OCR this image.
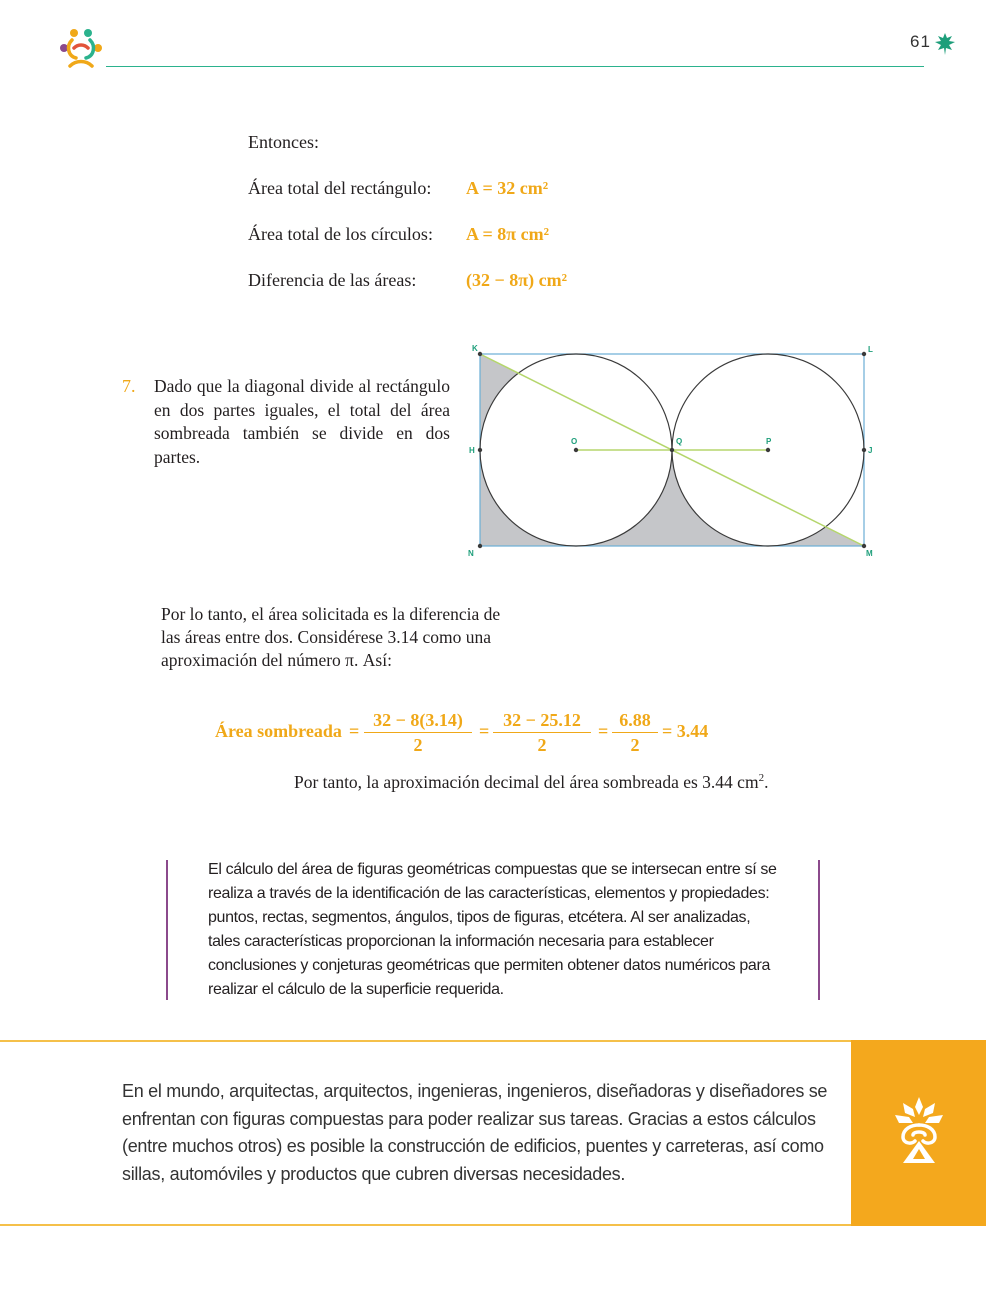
61
Entonces:
Área total del rectángulo: A = 32 cm²
Área total de los círculos: A = 8π cm²
Diferencia de las áreas:	(32 − 8π) cm²
7. Dado que la diagonal divide al rectángulo en dos partes iguales, el total del área sombreada también se divide en dos partes.
K	L
M
N
H	J
O	P
Q
Por lo tanto, el área solicitada es la diferencia de las áreas entre dos. Considérese 3.14 como una aproximación del número π. Así:
Área sombreada = $\frac{32 - 8(3.14)}{2} = \frac{32 - 25.12}{2} = \frac{6.88}{2} = 3.44$
Por tanto, la aproximación decimal del área sombreada es 3.44 $cm^2$.
El cálculo del área de figuras geométricas compuestas que se intersecan entre sí se realiza a través de la identificación de las características, elementos y propiedades: puntos, rectas, segmentos, ángulos, tipos de figuras, etcétera. Al ser analizadas, tales características proporcionan la información necesaria para establecer conclusiones y conjeturas geométricas que permiten obtener datos numéricos para realizar el cálculo de la superficie requerida.
En el mundo, arquitectas, arquitectos, ingenieras, ingenieros, diseñadoras y diseñadores se enfrentan con figuras compuestas para poder realizar sus tareas. Gracias a estos cálculos (entre muchos otros) es posible la construcción de edificios, puentes y carreteras, así como sillas, automóviles y productos que cubren diversas necesidades.
